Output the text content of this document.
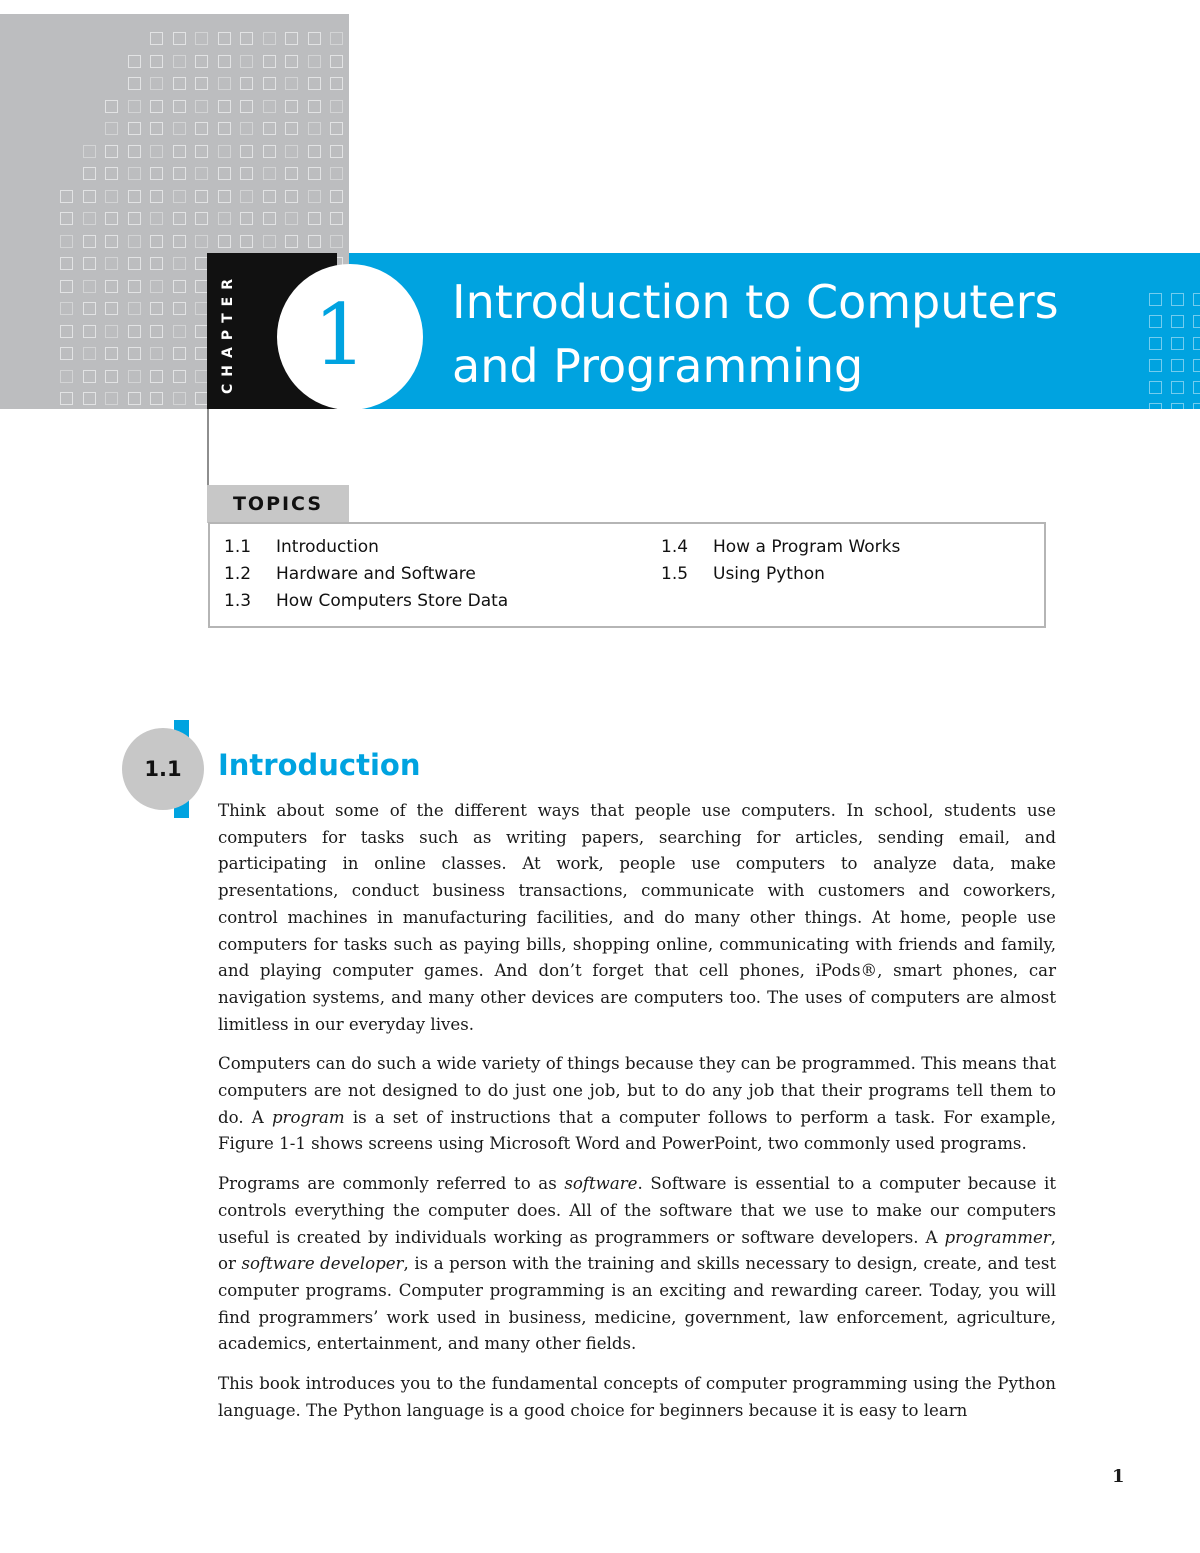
CHAPTER 1 Introduction to Computers
and Programming
TOPICS
1.1 Introduction
1.2 Hardware and Software
1.3 How Computers Store Data
1.4 How a Program Works
1.5 Using Python
1.1	Introduction

Think about some of the different ways that people use computers. In school, students use computers for tasks such as writing papers, searching for articles, sending email, and participating in online classes. At work, people use computers to analyze data, make presentations, conduct business transactions, communicate with customers and coworkers, control machines in manufacturing facilities, and do many other things. At home, people use computers for tasks such as paying bills, shopping online, communicating with friends and family, and playing computer games. And don’t forget that cell phones, iPods®, smart phones, car navigation systems, and many other devices are computers too. The uses of computers are almost limitless in our everyday lives.

Computers can do such a wide variety of things because they can be programmed. This means that computers are not designed to do just one job, but to do any job that their programs tell them to do. A program is a set of instructions that a computer follows to perform a task. For example, Figure 1-1 shows screens using Microsoft Word and PowerPoint, two commonly used programs.

Programs are commonly referred to as software. Software is essential to a computer because it controls everything the computer does. All of the software that we use to make our computers useful is created by individuals working as programmers or software developers. A programmer, or software developer, is a person with the training and skills necessary to design, create, and test computer programs. Computer programming is an exciting and rewarding career. Today, you will find programmers’ work used in business, medicine, government, law enforcement, agriculture, academics, entertainment, and many other fields.

This book introduces you to the fundamental concepts of computer programming using the Python language. The Python language is a good choice for beginners because it is easy to learn

1
